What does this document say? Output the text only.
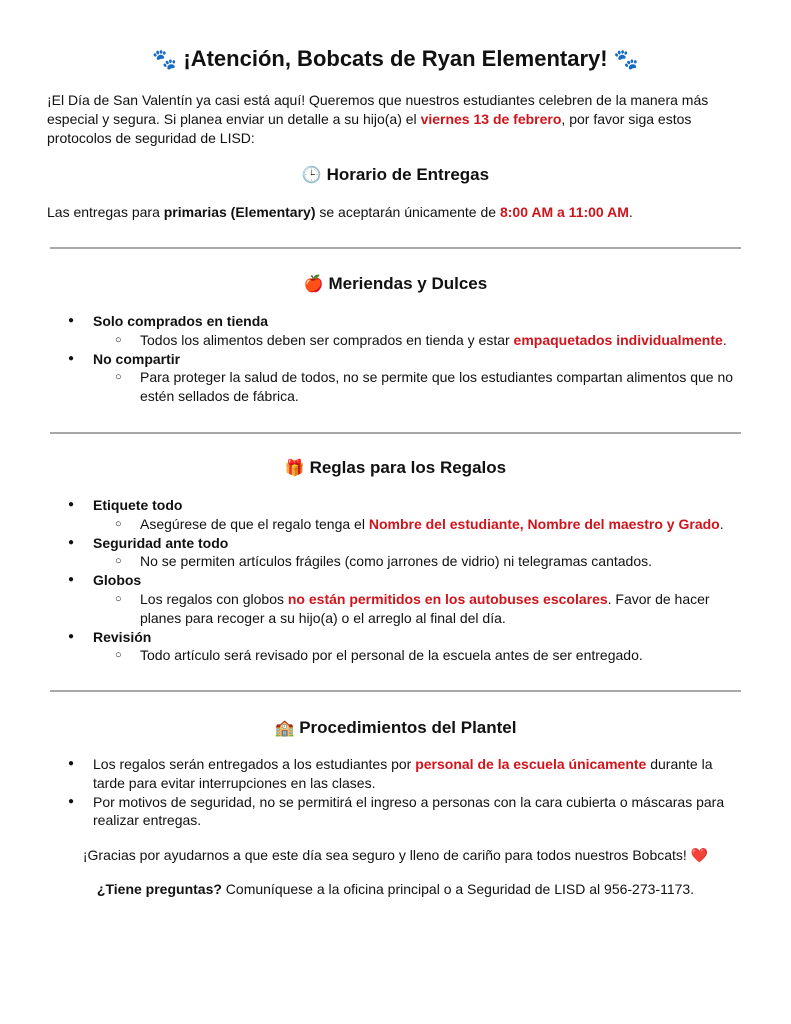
🐾 ¡Atención, Bobcats de Ryan Elementary! 🐾
¡El Día de San Valentín ya casi está aquí! Queremos que nuestros estudiantes celebren de la manera más especial y segura. Si planea enviar un detalle a su hijo(a) el viernes 13 de febrero, por favor siga estos protocolos de seguridad de LISD:
🕒 Horario de Entregas
Las entregas para primarias (Elementary) se aceptarán únicamente de 8:00 AM a 11:00 AM.
🍎 Meriendas y Dulces
● Solo comprados en tienda
○ Todos los alimentos deben ser comprados en tienda y estar empaquetados individualmente.
● No compartir
○ Para proteger la salud de todos, no se permite que los estudiantes compartan alimentos que no estén sellados de fábrica.
🎁 Reglas para los Regalos
● Etiquete todo
○ Asegúrese de que el regalo tenga el Nombre del estudiante, Nombre del maestro y Grado.
● Seguridad ante todo
○ No se permiten artículos frágiles (como jarrones de vidrio) ni telegramas cantados.
● Globos
○ Los regalos con globos no están permitidos en los autobuses escolares. Favor de hacer planes para recoger a su hijo(a) o el arreglo al final del día.
● Revisión
○ Todo artículo será revisado por el personal de la escuela antes de ser entregado.
🏫 Procedimientos del Plantel
● Los regalos serán entregados a los estudiantes por personal de la escuela únicamente durante la tarde para evitar interrupciones en las clases.
● Por motivos de seguridad, no se permitirá el ingreso a personas con la cara cubierta o máscaras para realizar entregas.
¡Gracias por ayudarnos a que este día sea seguro y lleno de cariño para todos nuestros Bobcats! ❤️
¿Tiene preguntas? Comuníquese a la oficina principal o a Seguridad de LISD al 956-273-1173.
